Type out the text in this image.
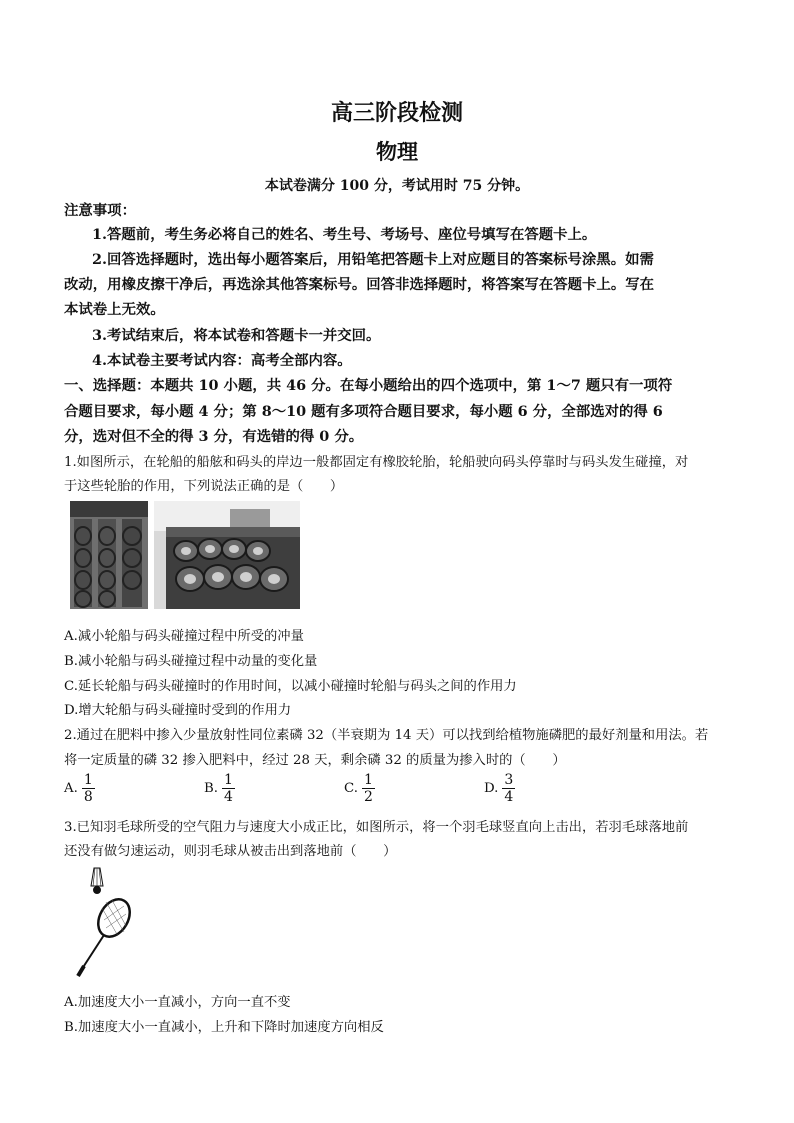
高三阶段检测
物理
本试卷满分 100 分，考试用时 75 分钟。
注意事项：
1.答题前，考生务必将自己的姓名、考生号、考场号、座位号填写在答题卡上。
2.回答选择题时，选出每小题答案后，用铅笔把答题卡上对应题目的答案标号涂黑。如需
改动，用橡皮擦干净后，再选涂其他答案标号。回答非选择题时，将答案写在答题卡上。写在
本试卷上无效。
3.考试结束后，将本试卷和答题卡一并交回。
4.本试卷主要考试内容：高考全部内容。
一、选择题：本题共 10 小题，共 46 分。在每小题给出的四个选项中，第 1～7 题只有一项符
合题目要求，每小题 4 分；第 8～10 题有多项符合题目要求，每小题 6 分，全部选对的得 6
分，选对但不全的得 3 分，有选错的得 0 分。
1.如图所示，在轮船的船舷和码头的岸边一般都固定有橡胶轮胎，轮船驶向码头停靠时与码头发生碰撞，对
于这些轮胎的作用，下列说法正确的是（　　）
A.减小轮船与码头碰撞过程中所受的冲量
B.减小轮船与码头碰撞过程中动量的变化量
C.延长轮船与码头碰撞时的作用时间，以减小碰撞时轮船与码头之间的作用力
D.增大轮船与码头碰撞时受到的作用力
2.通过在肥料中掺入少量放射性同位素磷 32（半衰期为 14 天）可以找到给植物施磷肥的最好剂量和用法。若
将一定质量的磷 32 掺入肥料中，经过 28 天，剩余磷 32 的质量为掺入时的（　　）
A. $\frac{1}{8}$	B. $\frac{1}{4}$	C. $\frac{1}{2}$	D. $\frac{3}{4}$
3.已知羽毛球所受的空气阻力与速度大小成正比，如图所示，将一个羽毛球竖直向上击出，若羽毛球落地前
还没有做匀速运动，则羽毛球从被击出到落地前（　　）
A.加速度大小一直减小，方向一直不变
B.加速度大小一直减小，上升和下降时加速度方向相反
